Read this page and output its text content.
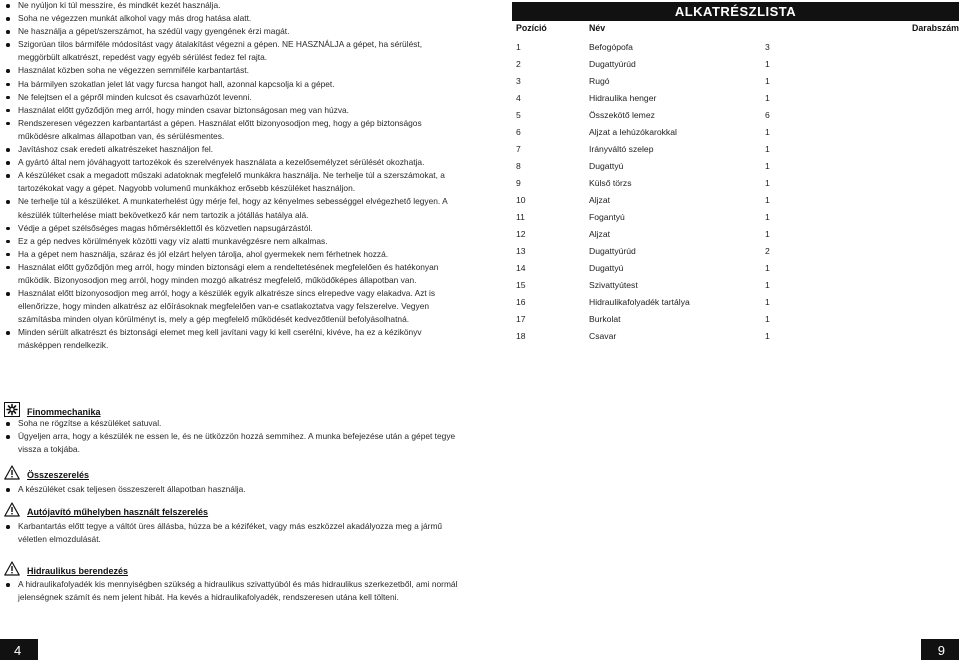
Ne nyúljon ki túl messzire, és mindkét kezét használja.
Soha ne végezzen munkát alkohol vagy más drog hatása alatt.
Ne használja a gépet/szerszámot, ha szédül vagy gyengének érzi magát.
Szigorúan tilos bármiféle módosítást vagy átalakítást végezni a gépen. NE HASZNÁLJA a gépet, ha sérülést, meggörbült alkatrészt, repedést vagy egyéb sérülést fedez fel rajta.
Használat közben soha ne végezzen semmiféle karbantartást.
Ha bármilyen szokatlan jelet lát vagy furcsa hangot hall, azonnal kapcsolja ki a gépet.
Ne felejtsen el a gépről minden kulcsot és csavarhúzót levenni.
Használat előtt győződjön meg arról, hogy minden csavar biztonságosan meg van húzva.
Rendszeresen végezzen karbantartást a gépen. Használat előtt bizonyosodjon meg, hogy a gép biztonságos működésre alkalmas állapotban van, és sérülésmentes.
Javításhoz csak eredeti alkatrészeket használjon fel.
A gyártó által nem jóváhagyott tartozékok és szerelvények használata a kezelősemélyzet sérülését okozhatja.
A készüléket csak a megadott műszaki adatoknak megfelelő munkákra használja. Ne terhelje túl a szerszámokat, a tartozékokat vagy a gépet. Nagyobb volumenű munkákhoz erősebb készüléket használjon.
Ne terhelje túl a készüléket. A munkaterhelést úgy mérje fel, hogy az kényelmes sebességgel elvégezhető legyen. A készülék túlterhelése miatt bekövetkező kár nem tartozik a jótállás hatálya alá.
Védje a gépet szélsőséges magas hőmérséklettől és közvetlen napsugárzástól.
Ez a gép nedves körülmények közötti vagy víz alatti munkavégzésre nem alkalmas.
Ha a gépet nem használja, száraz és jól elzárt helyen tárolja, ahol gyermekek nem férhetnek hozzá.
Használat előtt győződjön meg arról, hogy minden biztonsági elem a rendeltetésének megfelelően és hatékonyan működik. Bizonyosodjon meg arról, hogy minden mozgó alkatrész megfelelő, működőképes állapotban van.
Használat előtt bizonyosodjon meg arról, hogy a készülék egyik alkatrésze sincs elrepedve vagy elakadva. Azt is ellenőrizze, hogy minden alkatrész az előírásoknak megfelelően van-e csatlakoztatva vagy felszerelve. Vegyen számításba minden olyan körülményt is, mely a gép megfelelő működését kedvezőtlenül befolyásolhatná.
Minden sérült alkatrészt és biztonsági elemet meg kell javítani vagy ki kell cserélni, kivéve, ha ez a kézikönyv másképpen rendelkezik.
Finommechanika
Soha ne rögzítse a készüléket satuval.
Ügyeljen arra, hogy a készülék ne essen le, és ne ütközzön hozzá semmihez. A munka befejezése után a gépet tegye vissza a tokjába.
Összeszerelés
A készüléket csak teljesen összeszerelt állapotban használja.
Autójavító műhelyben használt felszerelés
Karbantartás előtt tegye a váltót üres állásba, húzza be a kéziféket, vagy más eszközzel akadályozza meg a jármű véletlen elmozdulását.
Hidraulikus berendezés
A hidraulikafolyadék kis mennyiségben szükség a hidraulikus szivattyúból és más hidraulikus szerkezetből, ami normál jelenségnek számít és nem jelent hibát. Ha kevés a hidraulikafolyadék, rendszeresen utána kell tölteni.
ALKATRÉSZLISTA
Pozíció	Név	Darabszám
1	Befogópofa	3
2	Dugattyúrúd	1
3	Rugó	1
4	Hidraulika henger	1
5	Összekötő lemez	6
6	Aljzat a lehúzókarokkal	1
7	Irányváltó szelep	1
8	Dugattyú	1
9	Külső törzs	1
10	Aljzat	1
11	Fogantyú	1
12	Aljzat	1
13	Dugattyúrúd	2
14	Dugattyú	1
15	Szivattyútest	1
16	Hidraulikafolyadék tartálya	1
17	Burkolat	1
18	Csavar	1
4	9
